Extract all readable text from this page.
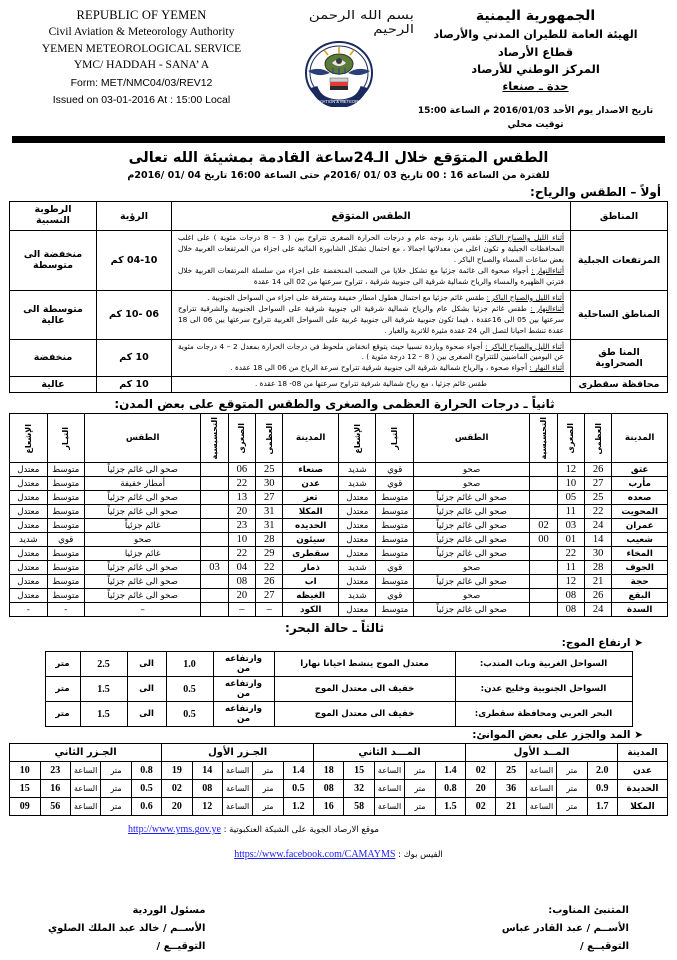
REPUBLIC OF YEMEN
Civil Aviation & Meteorology Authority
YEMEN METEOROLOGICAL SERVICE
YMC/ HADDAH - SANA’ A
Form: MET/NMC04/03/REV12
Issued on 03-01-2016 At : 15:00 Local
بسم الله الرحمن الرحيم
CIVIL AVIATION & METEOROLOGY
الجمهورية اليمنية
الهيئة العامة للطيران المدني والأرصاد
قطاع الأرصاد
المركز الوطني للأرصاد
حدة ـ صنعاء
تاريخ الاصدار يوم الأحد 2016/01/03 م الساعة 15:00 توقيت محلي
الطقس المتوَقع خلال الـ24ساعة القادمة بمشيئة الله تعالى
للفترة من الساعة 16 : 00 تاريخ 03 /01 /2016م حتى الساعة 16:00 تاريخ 04 /01 /2016م
أولاً – الطقس والرياح:
المناطق	الطقس المتوَقع	الرؤية	الرطوبة
النسبية
المرتفعات الجبلية	أثناء الليل والصباح الباكر: طقس بارد بوجه عام و درجات الحرارة الصغرى تتراوح بين ( 3 – 8 درجات مئوية ) على اغلب المحافظات الجبلية و تكون اعلى من معدلاتها اجمالا ، مع احتمال تشكل الشابورة المائية على اجزاء من المرتفعات الغربية خلال بعض ساعات المساء والصباح الباكر .
أثناءالنهار : أجواء صحوة الى غائمة جزئيا مع تشكل خلايا من السحب المنخفضة على اجزاء من سلسلة المرتفعات الغربية خلال فترتي الظهيرة والمساء والرياح شمالية شرقية الى جنوبية شرقية ، تتراوح سرعتها من 02 الى 14 عقدة	04-10 كم	منخفضة الى
متوسطة
المناطق الساحلية	أثناء الليل والصباح الباكر : طقس غائم جزئيا مع احتمال هطول امطار خفيفة ومتفرقة على اجزاء من السواحل الجنوبية .
أثناءالنهار : طقس غائم جزئيا بشكل عام والرياح شمالية شرقية الى جنوبية شرقية على السواحل الجنوبية والشرقية تتراوح سرعتها بين 05 الى 16عقدة ، فيما تكون جنوبية شرقية الى جنوبية غربية على السواحل الغربية تتراوح سرعتها بين 06 الى 18 عقدة تنشط احيانا لتصل الي 24 عقدة مثيرة للاتربة والغبار .	06 -10 كم	متوسطة الى
عالية
المنا طق الصحراوية	أثناء الليل والصباح الباكر : أجواء صحوة وباردة نسبيا حيث يتوقع انخفاض ملحوظ في درجات الحرارة بمعدل 2 – 4 درجات مئوية عن اليومين الماضيين للتتراوح الصغرى بين ( 8 – 12 درجة مئوية ) .
أثناء النهار : أجواء صحوة ، والرياح شمالية شرقية الى جنوبية شرقية تتراوح سرعة الرياح من 06 الى 18 عقدة .	10 كم	منخفضة
محافظة سقطرى	طقس غائم جزئيا ، مع رياح شمالية شرقية تتراوح سرعتها من 08- 18 عقدة .	10 كم	عالية
ثانياً ـ درجات الحرارة العظمى والصغرى والطقس المتوقع على بعض المدن:
المدينة	العظمى	الصغرى	التحسيسية	الطقس	التيـار	الإشعاع	المدينة	العظمى	الصغرى	التحسيسية	الطقس	التيـار	الإشعاع

عتق	26	12		صحو	قوي	شديد	صنعاء	25	06		صحو الى غائم جزئياً	متوسط	معتدل
مأرب	27	10		صحو	قوي	شديد	عدن	30	22		أمطار خفيفة	متوسط	معتدل
صعده	25	05		صحو الى غائم جزئياً	متوسط	معتدل	تعز	27	13		صحو الى غائم جزئياً	متوسط	معتدل
المحويت	22	11		صحو الى غائم جزئياً	متوسط	معتدل	المكلا	31	20		صحو الى غائم جزئياً	متوسط	معتدل
عمران	24	03	02	صحو الى غائم جزئياً	متوسط	معتدل	الحديده	31	23		غائم جزئياً	متوسط	معتدل
شعيب	14	01	00	صحو الى غائم جزئياً	متوسط	معتدل	سيئون	28	10		صحو	قوي	شديد
المخاء	30	22		صحو الى غائم جزئياً	متوسط	معتدل	سقطرى	29	22		غائم جزئيا	متوسط	معتدل
الجوف	28	11		صحو	قوي	شديد	ذمار	22	04	03	صحو الى غائم جزئياً	متوسط	معتدل
حجة	21	12		صحو الى غائم جزئياً	متوسط	معتدل	اب	26	08		صحو الى غائم جزئياً	متوسط	معتدل
البقع	26	08		صحو	قوي	شديد	الغيظه	27	20		صحو الى غائم جزئياً	متوسط	معتدل
السدة	24	08		صحو الى غائم جزئياً	متوسط	معتدل	الكود	–	–		–	-	-
ثالثاً ـ حالة البحر:
➤ ارتفاع الموج:
السواحل الغربية وباب المندب:	معتدل الموج ينشط احيانا نهارا	وارتفاعه من	1.0	الى	2.5	متر
السواحل الجنوبية وخليج عدن:	خفيف الى معتدل الموج	وارتفاعه من	0.5	الى	1.5	متر
البحر العربي ومحافظة سقطرى:	خفيف الى معتدل الموج	وارتفاعه من	0.5	الى	1.5	متر
➤ المد والجزر على بعض الموانئ:
المدينة	المــد الأول					المـــد الثاني					الجـزر الأول					الجـزر الثاني				
عدن	2.0	متر	الساعة	25	02	1.4	متر	الساعة	15	18	1.4	متر	الساعة	14	19	0.8	متر	الساعة	23	10
الحديدة	0.9	متر	الساعة	36	20	0.8	متر	الساعة	32	08	0.5	متر	الساعة	08	02	0.5	متر	الساعة	16	15
المكلا	1.7	متر	الساعة	21	02	1.5	متر	الساعة	58	16	1.2	متر	الساعة	12	20	0.6	متر	الساعة	56	09
موقع الارصاد الجوية على الشبكة العنكبوتية : http://www.yms.gov.ye
الفيس بوك : https://www.facebook.com/CAMAYMS
المتنبئ المناوب:
الأســم / عبد القادر عباس
التوقيــع /
مسئول الوردية
الأســم / خالد عبد الملك الصلوي
التوقيــع /
